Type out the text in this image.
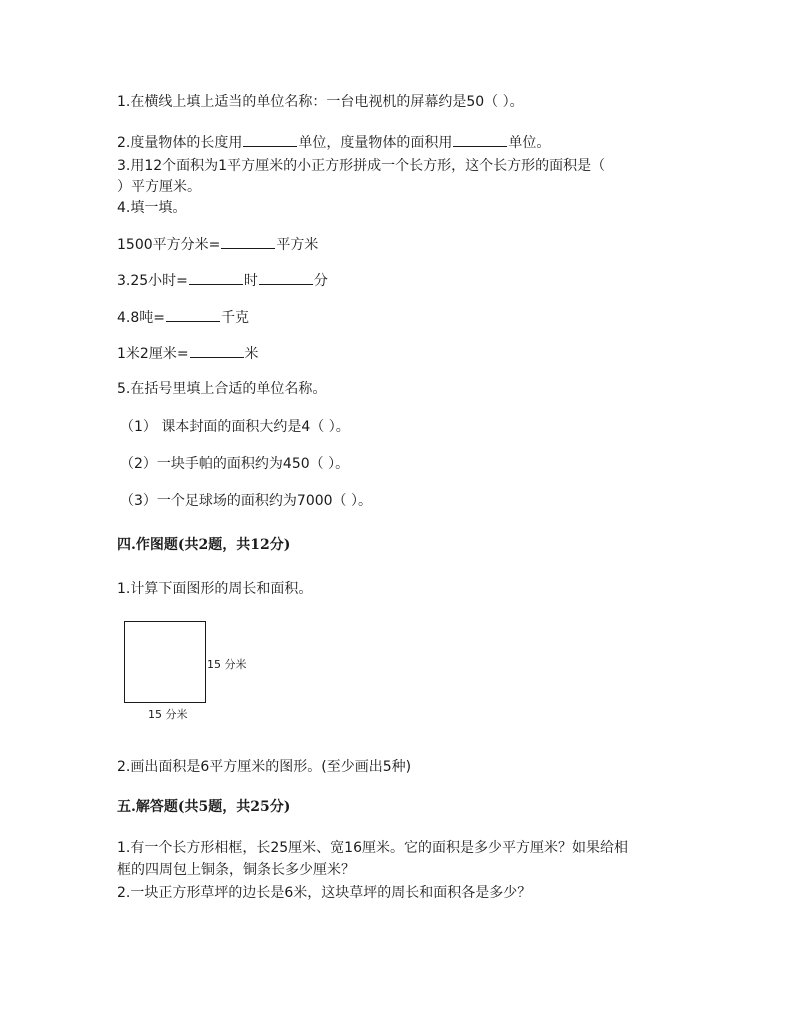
1.在横线上填上适当的单位名称：一台电视机的屏幕约是50（ ）。
2.度量物体的长度用	单位，度量物体的面积用	单位。
3.用12个面积为1平方厘米的小正方形拼成一个长方形，这个长方形的面积是（
）平方厘米。
4.填一填。
1500平方分米=	平方米
3.25小时=	时	分
4.8吨=	千克
1米2厘米=	米
5.在括号里填上合适的单位名称。
（1） 课本封面的面积大约是4（ ）。
（2）一块手帕的面积约为450（ ）。
（3）一个足球场的面积约为7000（ ）。
四.作图题(共2题，共12分)
1.计算下面图形的周长和面积。
15 分米
15 分米
2.画出面积是6平方厘米的图形。(至少画出5种)
五.解答题(共5题，共25分)
1.有一个长方形相框，长25厘米、宽16厘米。它的面积是多少平方厘米？如果给相
框的四周包上铜条，铜条长多少厘米？
2.一块正方形草坪的边长是6米，这块草坪的周长和面积各是多少？
